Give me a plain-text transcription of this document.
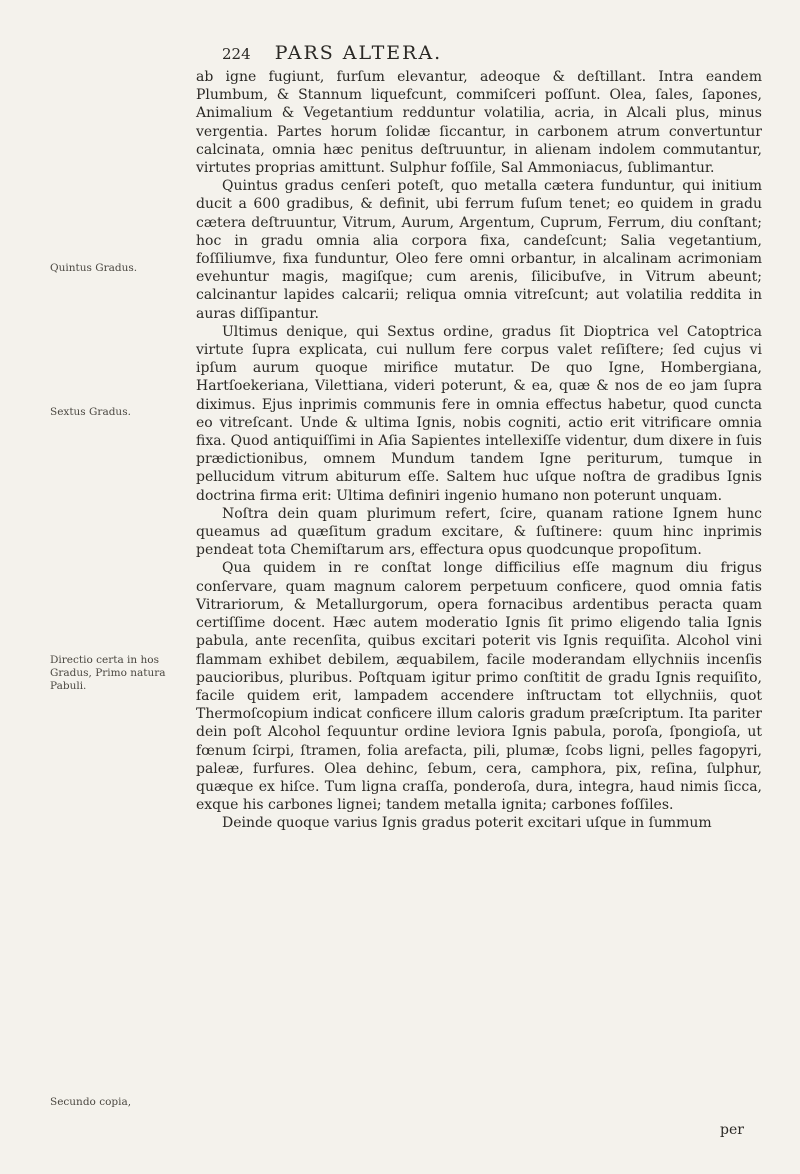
224 PARS ALTERA.
Quintus Gradus.
Sextus Gradus.
Directio certa in hos Gradus, Primo natura Pabuli.
Secundo copia,

ab igne fugiunt, furſum elevantur, adeoque & deſtillant. Intra eandem Plumbum, & Stannum liquefcunt, commiſceri poſſunt. Olea, ſales, ſapones, Animalium & Vegetantium redduntur volatilia, acria, in Alcali plus, minus vergentia. Partes horum ſolidæ ſiccantur, in carbonem atrum convertuntur calcinata, omnia hæc penitus deſtruuntur, in alienam indolem commutantur, virtutes proprias amittunt. Sulphur foſſile, Sal Ammoniacus, ſublimantur.

Quintus gradus cenſeri poteſt, quo metalla cætera funduntur, qui initium ducit a 600 gradibus, & definit, ubi ferrum fuſum tenet; eo quidem in gradu cætera deſtruuntur, Vitrum, Aurum, Argentum, Cuprum, Ferrum, diu conſtant; hoc in gradu omnia alia corpora fixa, candeſcunt; Salia vegetantium, foſſiliumve, fixa funduntur, Oleo fere omni orbantur, in alcalinam acrimoniam evehuntur magis, magiſque; cum arenis, ſilicibuſve, in Vitrum abeunt; calcinantur lapides calcarii; reliqua omnia vitreſcunt; aut volatilia reddita in auras diſſipantur.

Ultimus denique, qui Sextus ordine, gradus ſit Dioptrica vel Catoptrica virtute ſupra explicata, cui nullum fere corpus valet reſiſtere; ſed cujus vi ipſum aurum quoque mirifice mutatur. De quo Igne, Hombergiana, Hartſoekeriana, Vilettiana, videri poterunt, & ea, quæ & nos de eo jam ſupra diximus. Ejus inprimis communis fere in omnia effectus habetur, quod cuncta eo vitreſcant. Unde & ultima Ignis, nobis cogniti, actio erit vitrificare omnia fixa. Quod antiquiſſimi in Aſia Sapientes intellexiſſe videntur, dum dixere in ſuis prædictionibus, omnem Mundum tandem Igne periturum, tumque in pellucidum vitrum abiturum eſſe. Saltem huc uſque noſtra de gradibus Ignis doctrina firma erit: Ultima definiri ingenio humano non poterunt unquam.

Noſtra dein quam plurimum refert, ſcire, quanam ratione Ignem hunc queamus ad quæſitum gradum excitare, & ſuſtinere: quum hinc inprimis pendeat tota Chemiſtarum ars, effectura opus quodcunque propoſitum.

Qua quidem in re conſtat longe difficilius eſſe magnum diu frigus conſervare, quam magnum calorem perpetuum conficere, quod omnia fatis Vitrariorum, & Metallurgorum, opera fornacibus ardentibus peracta quam certiſſime docent. Hæc autem moderatio Ignis ſit primo eligendo talia Ignis pabula, ante recenſita, quibus excitari poterit vis Ignis requiſita. Alcohol vini flammam exhibet debilem, æquabilem, facile moderandam ellychniis incenſis paucioribus, pluribus. Poſtquam igitur primo conſtitit de gradu Ignis requiſito, facile quidem erit, lampadem accendere inſtructam tot ellychniis, quot Thermoſcopium indicat conficere illum caloris gradum præſcriptum. Ita pariter dein poſt Alcohol ſequuntur ordine leviora Ignis pabula, poroſa, ſpongioſa, ut fœnum ſcirpi, ſtramen, folia arefacta, pili, plumæ, ſcobs ligni, pelles fagopyri, paleæ, furfures. Olea dehinc, ſebum, cera, camphora, pix, reſina, ſulphur, quæque ex hiſce. Tum ligna craſſa, ponderoſa, dura, integra, haud nimis ſicca, exque his carbones lignei; tandem metalla ignita; carbones foſſiles.

Deinde quoque varius Ignis gradus poterit excitari uſque in ſummum

per
